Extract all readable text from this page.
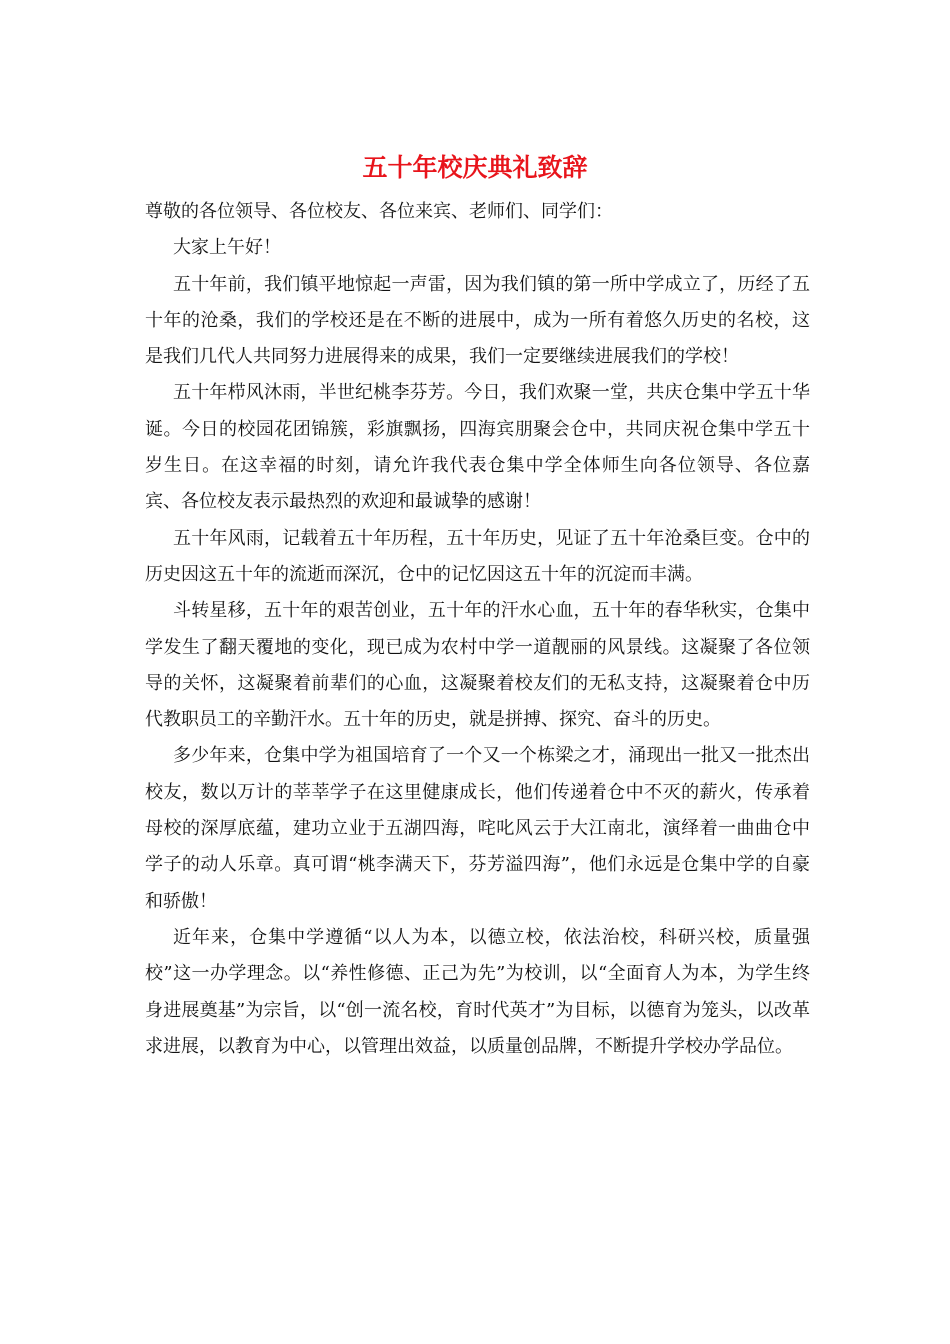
五十年校庆典礼致辞

尊敬的各位领导、各位校友、各位来宾、老师们、同学们：

大家上午好！

五十年前，我们镇平地惊起一声雷，因为我们镇的第一所中学成立了，历经了五十年的沧桑，我们的学校还是在不断的进展中，成为一所有着悠久历史的名校，这是我们几代人共同努力进展得来的成果，我们一定要继续进展我们的学校！

五十年栉风沐雨，半世纪桃李芬芳。今日，我们欢聚一堂，共庆仓集中学五十华诞。今日的校园花团锦簇，彩旗飘扬，四海宾朋聚会仓中，共同庆祝仓集中学五十岁生日。在这幸福的时刻，请允许我代表仓集中学全体师生向各位领导、各位嘉宾、各位校友表示最热烈的欢迎和最诚挚的感谢！

五十年风雨，记载着五十年历程，五十年历史，见证了五十年沧桑巨变。仓中的历史因这五十年的流逝而深沉，仓中的记忆因这五十年的沉淀而丰满。

斗转星移，五十年的艰苦创业，五十年的汗水心血，五十年的春华秋实，仓集中学发生了翻天覆地的变化，现已成为农村中学一道靓丽的风景线。这凝聚了各位领导的关怀，这凝聚着前辈们的心血，这凝聚着校友们的无私支持，这凝聚着仓中历代教职员工的辛勤汗水。五十年的历史，就是拼搏、探究、奋斗的历史。

多少年来，仓集中学为祖国培育了一个又一个栋梁之才，涌现出一批又一批杰出校友，数以万计的莘莘学子在这里健康成长，他们传递着仓中不灭的薪火，传承着母校的深厚底蕴，建功立业于五湖四海，咤叱风云于大江南北，演绎着一曲曲仓中学子的动人乐章。真可谓“桃李满天下，芬芳溢四海”，他们永远是仓集中学的自豪和骄傲！

近年来，仓集中学遵循“以人为本，以德立校，依法治校，科研兴校，质量强校”这一办学理念。以“养性修德、正己为先”为校训，以“全面育人为本，为学生终身进展奠基”为宗旨，以“创一流名校，育时代英才”为目标，以德育为笼头，以改革求进展，以教育为中心，以管理出效益，以质量创品牌，不断提升学校办学品位。
